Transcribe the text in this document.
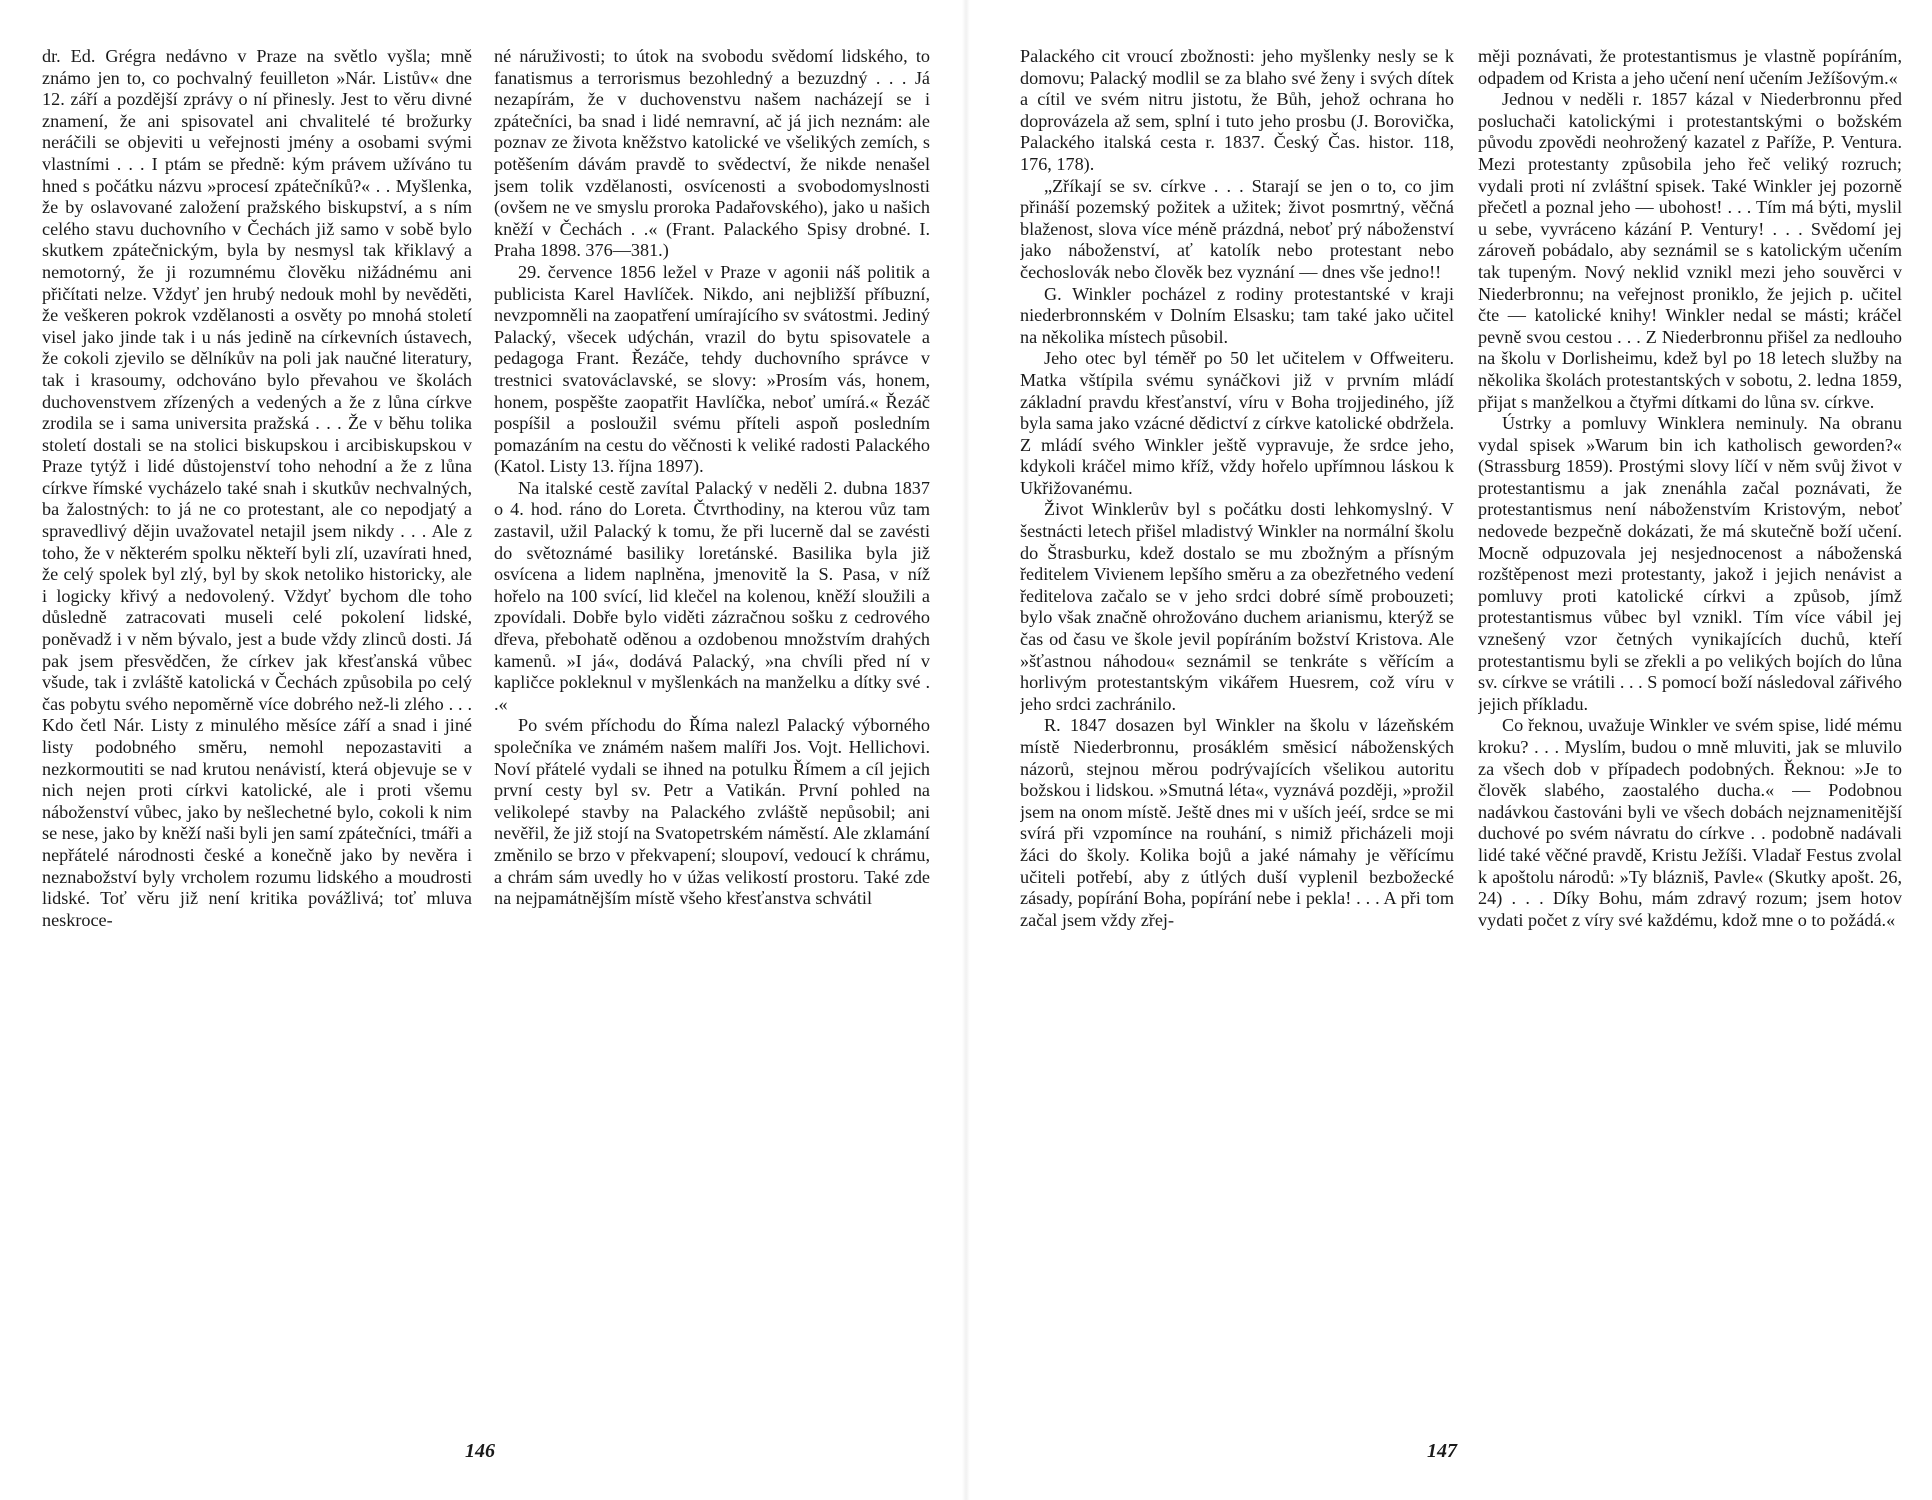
dr. Ed. Grégra nedávno v Praze na světlo vyšla; mně známo jen to, co pochvalný feuilleton »Nár. Listův« dne 12. září a pozdější zprávy o ní přinesly. Jest to věru divné znamení, že ani spisovatel ani chvalitelé té brožurky neráčili se objeviti u veřejnosti jmény a osobami svými vlastními . . . I ptám se předně: kým právem užíváno tu hned s počátku názvu »procesí zpátečníků?« . . Myšlenka, že by oslavované založení pražského biskupství, a s ním celého stavu duchovního v Čechách již samo v sobě bylo skutkem zpátečnickým, byla by nesmysl tak křiklavý a nemotorný, že ji rozumnému člověku nižádnému ani přičítati nelze. Vždyť jen hrubý nedouk mohl by nevěděti, že veškeren pokrok vzdělanosti a osvěty po mnohá století visel jako jinde tak i u nás jedině na církevních ústavech, že cokoli zjevilo se dělníkův na poli jak naučné literatury, tak i krasoumy, odchováno bylo převahou ve školách duchovenstvem zřízených a vedených a že z lůna církve zrodila se i sama universita pražská . . . Že v běhu tolika století dostali se na stolici biskupskou i arcibiskupskou v Praze tytýž i lidé důstojenství toho nehodní a že z lůna církve římské vycházelo také snah i skutkův nechvalných, ba žalostných: to já ne co protestant, ale co nepodjatý a spravedlivý dějin uvažovatel netajil jsem nikdy . . . Ale z toho, že v některém spolku někteří byli zlí, uzavírati hned, že celý spolek byl zlý, byl by skok netoliko historicky, ale i logicky křivý a nedovolený. Vždyť bychom dle toho důsledně zatracovati museli celé pokolení lidské, poněvadž i v něm bývalo, jest a bude vždy zlinců dosti. Já pak jsem přesvědčen, že církev jak křesťanská vůbec všude, tak i zvláště katolická v Čechách způsobila po celý čas pobytu svého nepoměrně více dobrého než-li zlého . . . Kdo četl Nár. Listy z minulého měsíce září a snad i jiné listy podobného směru, nemohl nepozastaviti a nezkormoutiti se nad krutou nenávistí, která objevuje se v nich nejen proti církvi katolické, ale i proti všemu náboženství vůbec, jako by nešlechetné bylo, cokoli k nim se nese, jako by kněží naši byli jen samí zpátečníci, tmáři a nepřátelé národnosti české a konečně jako by nevěra i neznabožství byly vrcholem rozumu lidského a moudrosti lidské. Toť věru již není kritika povážlivá; toť mluva neskroce-

né náruživosti; to útok na svobodu svědomí lidského, to fanatismus a terrorismus bezohledný a bezuzdný . . . Já nezapírám, že v duchovenstvu našem nacházejí se i zpátečníci, ba snad i lidé nemravní, ač já jich neznám: ale poznav ze života kněžstvo katolické ve všelikých zemích, s potěšením dávám pravdě to svědectví, že nikde nenašel jsem tolik vzdělanosti, osvícenosti a svobodomyslnosti (ovšem ne ve smyslu proroka Padařovského), jako u našich kněží v Čechách . .« (Frant. Palackého Spisy drobné. I. Praha 1898. 376—381.)

29. července 1856 ležel v Praze v agonii náš politik a publicista Karel Havlíček. Nikdo, ani nejbližší příbuzní, nevzpomněli na zaopatření umírajícího sv svátostmi. Jediný Palacký, všecek udýchán, vrazil do bytu spisovatele a pedagoga Frant. Řezáče, tehdy duchovního správce v trestnici svatováclavské, se slovy: »Prosím vás, honem, honem, pospěšte zaopatřit Havlíčka, neboť umírá.« Řezáč pospíšil a posloužil svému příteli aspoň posledním pomazáním na cestu do věčnosti k veliké radosti Palackého (Katol. Listy 13. října 1897).

Na italské cestě zavítal Palacký v neděli 2. dubna 1837 o 4. hod. ráno do Loreta. Čtvrthodiny, na kterou vůz tam zastavil, užil Palacký k tomu, že při lucerně dal se zavésti do světoznámé basiliky loretánské. Basilika byla již osvícena a lidem naplněna, jmenovitě la S. Pasa, v níž hořelo na 100 svící, lid klečel na kolenou, kněží sloužili a zpovídali. Dobře bylo viděti zázračnou sošku z cedrového dřeva, přebohatě oděnou a ozdobenou množstvím drahých kamenů. »I já«, dodává Palacký, »na chvíli před ní v kapličce pokleknul v myšlenkách na manželku a dítky své . .«

Po svém příchodu do Říma nalezl Palacký výborného společníka ve známém našem malíři Jos. Vojt. Hellichovi. Noví přátelé vydali se ihned na potulku Římem a cíl jejich první cesty byl sv. Petr a Vatikán. První pohled na velikolepé stavby na Palackého zvláště nepůsobil; ani nevěřil, že již stojí na Svatopetrském náměstí. Ale zklamání změnilo se brzo v překvapení; sloupoví, vedoucí k chrámu, a chrám sám uvedly ho v úžas velikostí prostoru. Také zde na nejpamátnějším místě všeho křesťanstva schvátil

146

Palackého cit vroucí zbožnosti: jeho myšlenky nesly se k domovu; Palacký modlil se za blaho své ženy i svých dítek a cítil ve svém nitru jistotu, že Bůh, jehož ochrana ho doprovázela až sem, splní i tuto jeho prosbu (J. Borovička, Palackého italská cesta r. 1837. Český Čas. histor. 118, 176, 178).

„Zříkají se sv. církve . . . Starají se jen o to, co jim přináší pozemský požitek a užitek; život posmrtný, věčná blaženost, slova více méně prázdná, neboť prý náboženství jako náboženství, ať katolík nebo protestant nebo čechoslovák nebo člověk bez vyznání — dnes vše jedno!!

G. Winkler pocházel z rodiny protestantské v kraji niederbronnském v Dolním Elsasku; tam také jako učitel na několika místech působil.

Jeho otec byl téměř po 50 let učitelem v Offweiteru. Matka vštípila svému synáčkovi již v prvním mládí základní pravdu křesťanství, víru v Boha trojjediného, jíž byla sama jako vzácné dědictví z církve katolické obdržela. Z mládí svého Winkler ještě vypravuje, že srdce jeho, kdykoli kráčel mimo kříž, vždy hořelo upřímnou láskou k Ukřižovanému.

Život Winklerův byl s počátku dosti lehkomyslný. V šestnácti letech přišel mladistvý Winkler na normální školu do Štrasburku, kdež dostalo se mu zbožným a přísným ředitelem Vivienem lepšího směru a za obezřetného vedení ředitelova začalo se v jeho srdci dobré símě probouzeti; bylo však značně ohrožováno duchem arianismu, kterýž se čas od času ve škole jevil popíráním božství Kristova. Ale »šťastnou náhodou« seznámil se tenkráte s věřícím a horlivým protestantským vikářem Huesrem, což víru v jeho srdci zachránilo.

R. 1847 dosazen byl Winkler na školu v lázeňském místě Niederbronnu, prosáklém směsicí náboženských názorů, stejnou měrou podrývajících všelikou autoritu božskou i lidskou. »Smutná léta«, vyznává později, »prožil jsem na onom místě. Ještě dnes mi v uších jeéí, srdce se mi svírá při vzpomínce na rouhání, s nimiž přicházeli moji žáci do školy. Kolika bojů a jaké námahy je věřícímu učiteli potřebí, aby z útlých duší vyplenil bezbožecké zásady, popírání Boha, popírání nebe i pekla! . . . A při tom začal jsem vždy zřej-

měji poznávati, že protestantismus je vlastně popíráním, odpadem od Krista a jeho učení není učením Ježíšovým.«

Jednou v neděli r. 1857 kázal v Niederbronnu před posluchači katolickými i protestantskými o božském původu zpovědi neohrožený kazatel z Paříže, P. Ventura. Mezi protestanty způsobila jeho řeč veliký rozruch; vydali proti ní zvláštní spisek. Také Winkler jej pozorně přečetl a poznal jeho — ubohost! . . . Tím má býti, myslil u sebe, vyvráceno kázání P. Ventury! . . . Svědomí jej zároveň pobádalo, aby seznámil se s katolickým učením tak tupeným. Nový neklid vznikl mezi jeho souvěrci v Niederbronnu; na veřejnost proniklo, že jejich p. učitel čte — katolické knihy! Winkler nedal se másti; kráčel pevně svou cestou . . . Z Niederbronnu přišel za nedlouho na školu v Dorlisheimu, kdež byl po 18 letech služby na několika školách protestantských v sobotu, 2. ledna 1859, přijat s manželkou a čtyřmi dítkami do lůna sv. církve.

Ústrky a pomluvy Winklera neminuly. Na obranu vydal spisek »Warum bin ich katholisch geworden?« (Strassburg 1859). Prostými slovy líčí v něm svůj život v protestantismu a jak znenáhla začal poznávati, že protestantismus není náboženstvím Kristovým, neboť nedovede bezpečně dokázati, že má skutečně boží učení. Mocně odpuzovala jej nesjednocenost a náboženská rozštěpenost mezi protestanty, jakož i jejich nenávist a pomluvy proti katolické církvi a způsob, jímž protestantismus vůbec byl vznikl. Tím více vábil jej vznešený vzor četných vynikajících duchů, kteří protestantismu byli se zřekli a po velikých bojích do lůna sv. církve se vrátili . . . S pomocí boží následoval zářivého jejich příkladu.

Co řeknou, uvažuje Winkler ve svém spise, lidé mému kroku? . . . Myslím, budou o mně mluviti, jak se mluvilo za všech dob v případech podobných. Řeknou: »Je to člověk slabého, zaostalého ducha.« — Podobnou nadávkou častováni byli ve všech dobách nejznamenitější duchové po svém návratu do církve . . podobně nadávali lidé také věčné pravdě, Kristu Ježíši. Vladař Festus zvolal k apoštolu národů: »Ty blázniš, Pavle« (Skutky apošt. 26, 24) . . . Díky Bohu, mám zdravý rozum; jsem hotov vydati počet z víry své každému, kdož mne o to požádá.«

147
